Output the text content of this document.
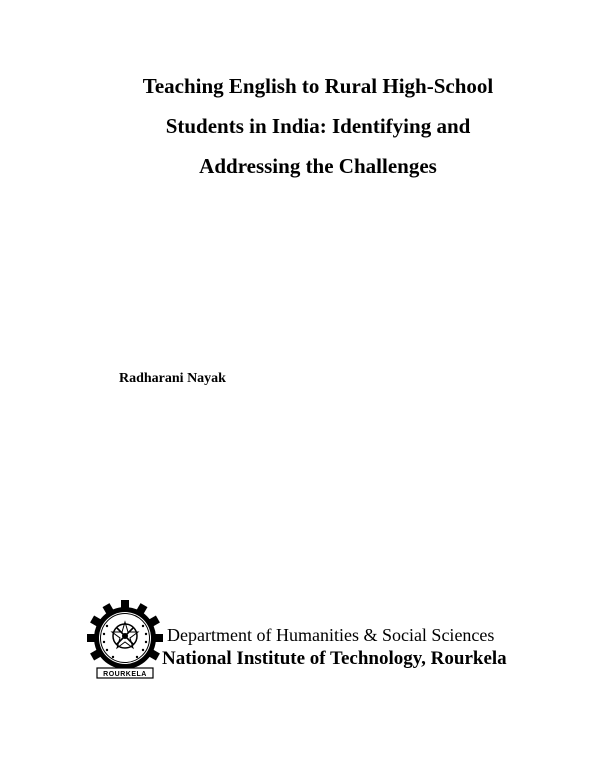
Teaching English to Rural High-School
Students in India: Identifying and
Addressing the Challenges
Radharani Nayak
ROURKELA
Department of Humanities & Social Sciences
National Institute of Technology, Rourkela
